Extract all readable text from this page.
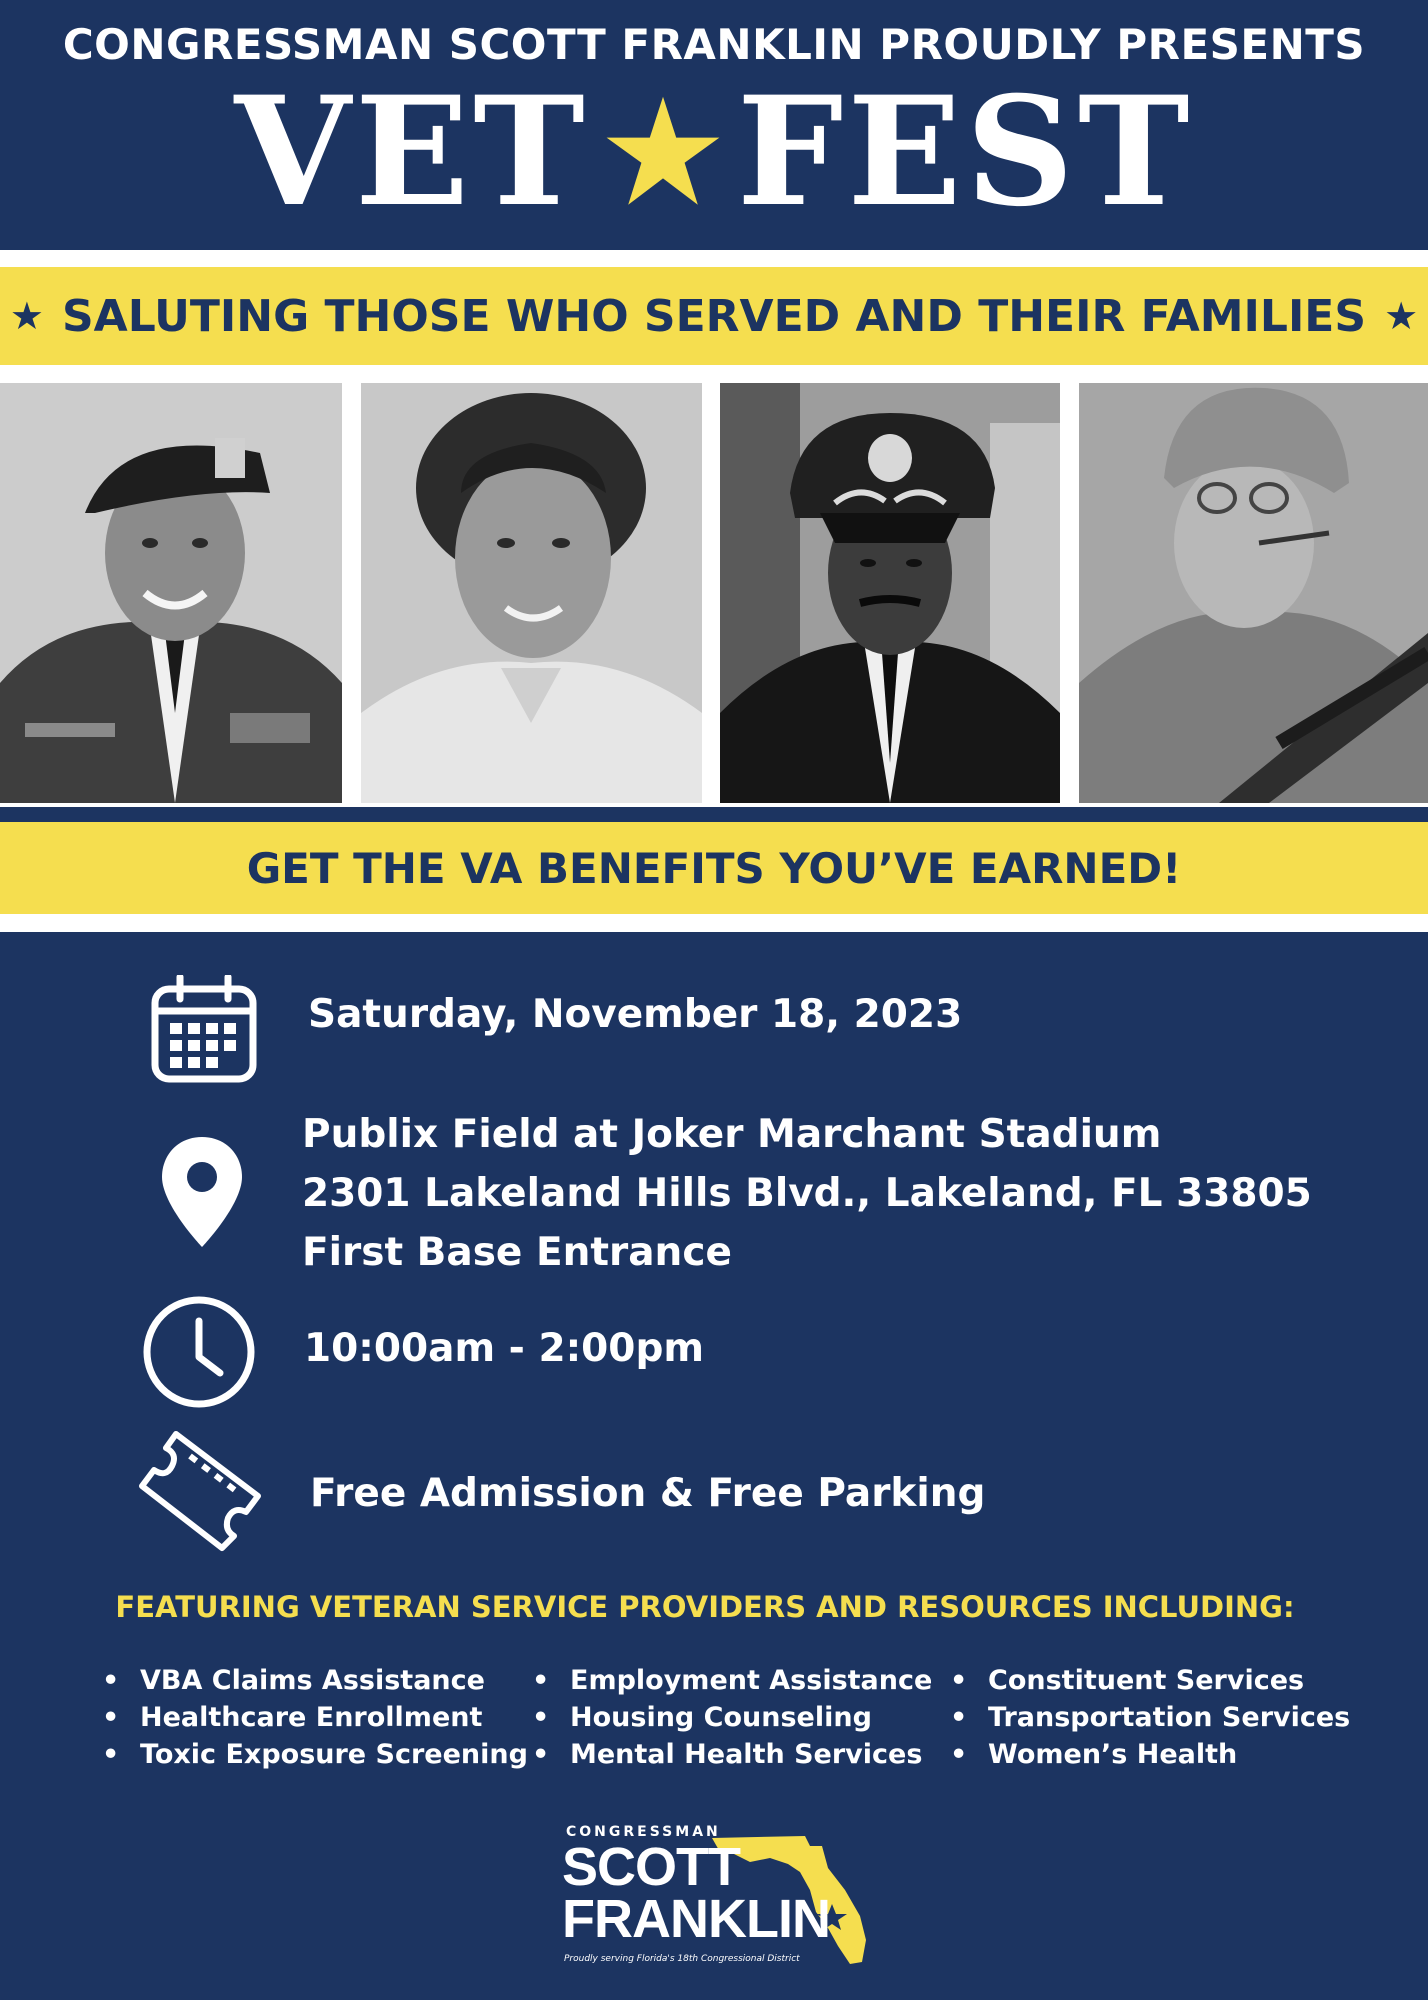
CONGRESSMAN SCOTT FRANKLIN PROUDLY PRESENTS
VET FEST
★ SALUTING THOSE WHO SERVED AND THEIR FAMILIES ★
GET THE VA BENEFITS YOU’VE EARNED!
Saturday, November 18, 2023
Publix Field at Joker Marchant Stadium
2301 Lakeland Hills Blvd., Lakeland, FL 33805
First Base Entrance
10:00am - 2:00pm
Free Admission & Free Parking
FEATURING VETERAN SERVICE PROVIDERS AND RESOURCES INCLUDING:
• VBA Claims Assistance
• Healthcare Enrollment
• Toxic Exposure Screening
• Employment Assistance
• Housing Counseling
• Mental Health Services
• Constituent Services
• Transportation Services
• Women’s Health
CONGRESSMAN
SCOTT
FRANKLIN
Proudly serving Florida's 18th Congressional District
